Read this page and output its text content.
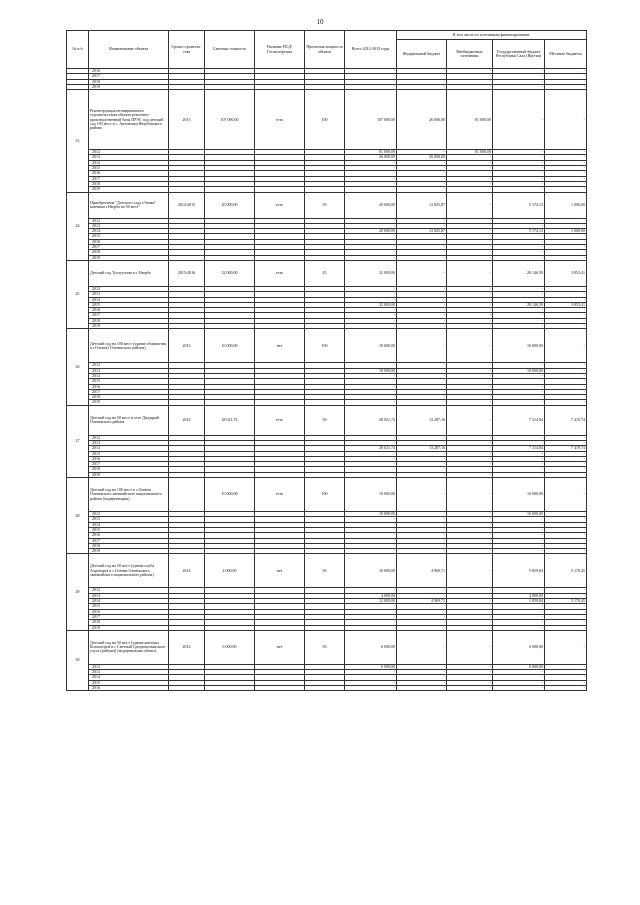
10
№ п/п	Наименование объекта	Сроки строитель-ства	Сметная стоимость	Наличие ПСД/ Госэкспертизы	Проектная мощность объекта	Всего 2012-2019 годы	В том числе по источникам финансирования:			
							Федеральный бюджет	Внебюджетные источники	Государственный бюджет Республики Саха (Якутия)	Местные бюджеты
	2016					-	-	-	-	-
	2017					-	-	-	-	-
	2018					-	-	-	-	-
	2019					-	-	-	-	-
23	Реконструкция незавершенного строительством объекта ремонтно-производственной базы ПРЭС под детский сад 100 мест в с. Антоновка Нюрбинского района	2013	107 000,00	есть	100	107 000,00	26 000,00	81 000,00	-	-
	2012					81 000,00	-	81 000,00	-	-
	2013					26 000,00	26 000,00	-	-	-
	2014					-	-	-	-	-
	2015					-	-	-	-	-
	2016					-	-	-	-	-
	2017					-	-	-	-	-
	2018					-	-	-	-	-
	2019					-	-	-	-	-
24	Приобретение "Детского сада с/банка" казенная г.Нюрба на 50 мест"	2014-2015	20 000,00	есть	50	20 000,00	13 825,87	-	5 174,13	1 000,00
	2012					-	-	-	-	-
	2013					-	-	-	-	-
	2014					20 000,00	13 825,87	-	5 174,13	1 000,00
	2015					-	-	-	-	-
	2016					-	-	-	-	-
	2017					-	-	-	-	-
	2018					-	-	-	-	-
	2019					-	-	-	-	-
25	Детский сад Туллуучаан в г. Нюрба	2015-2016	32 000,00	есть	45	32 000,00	-	-	28 146,59	3 853,41
	2012					-	-	-	-	-
	2013					-	-	-	-	-
	2014					-	-	-	-	-
	2015					32 000,00	-	-	28 146,59	3 853,41
	2016					-	-	-	-	-
	2017					-	-	-	-	-
	2018					-	-	-	-	-
	2019					-	-	-	-	-
26	Детский сад на 100 мест (здание общежития в г.Оленек) Оленекского района)	2013	10 000,00	нет	100	10 000,00	-	-	10 000,00	-
	2012					-	-	-	-	-
	2013					10 000,00	-	-	10 000,00	-
	2014					-	-	-	-	-
	2015					-	-	-	-	-
	2016					-	-	-	-	-
	2017					-	-	-	-	-
	2018					-	-	-	-	-
	2019					-	-	-	-	-
27	Детский сад на 50 мест в селе Дапдарий Оленекского района	2014	28 021,74	есть	50	28 021,74	13 287,16	-	7 314,84	7 419,74
	2012					-	-	-	-	-
	2013					-	-	-	-	-
	2014					28 021,74	13 287,16	-	7 314,84	7 419,74
	2015					-	-	-	-	-
	2016					-	-	-	-	-
	2017					-	-	-	-	-
	2018					-	-	-	-	-
	2019					-	-	-	-	-
28	Детский сад на 100 мест в с.Оленек Оленекского эвенкийского национального района (модернизация)		10 000,00	есть	100	10 000,00	-	-	10 000,00	-
	2012					10 000,00	-	-	10 000,00	-
	2013					-	-	-	-	-
	2014					-	-	-	-	-
	2015					-	-	-	-	-
	2016					-	-	-	-	-
	2017					-	-	-	-	-
	2018					-	-	-	-	-
	2019					-	-	-	-	-
29	Детский сад на 50 мест (здание клуба Аэропорта в с.Оленек Оленекского эвенкийского национального района)	2014	4 000,00	нет	50	16 000,00	4 969,71	-	5 859,84	5 170,45
	2012					-	-	-	-	-
	2013					4 000,00	-	-	4 000,00	-
	2014					12 000,00	4 969,71	-	1 859,84	5 170,45
	2015					-	-	-	-	-
	2016					-	-	-	-	-
	2017					-	-	-	-	-
	2018					-	-	-	-	-
	2019					-	-	-	-	-
30	Детский сад на 50 мест (здание конторы Колмогоров в с.Светлый Среднеколымского улуса (района)) (модернизация объект)	2012	6 000,00	нет	50	6 000,00	-	-	6 000,00	-
	2012					6 000,00	-	-	6 000,00	-
	2013					-	-	-	-	-
	2014					-	-	-	-	-
	2015					-	-	-	-	-
	2016					-	-	-	-	-
